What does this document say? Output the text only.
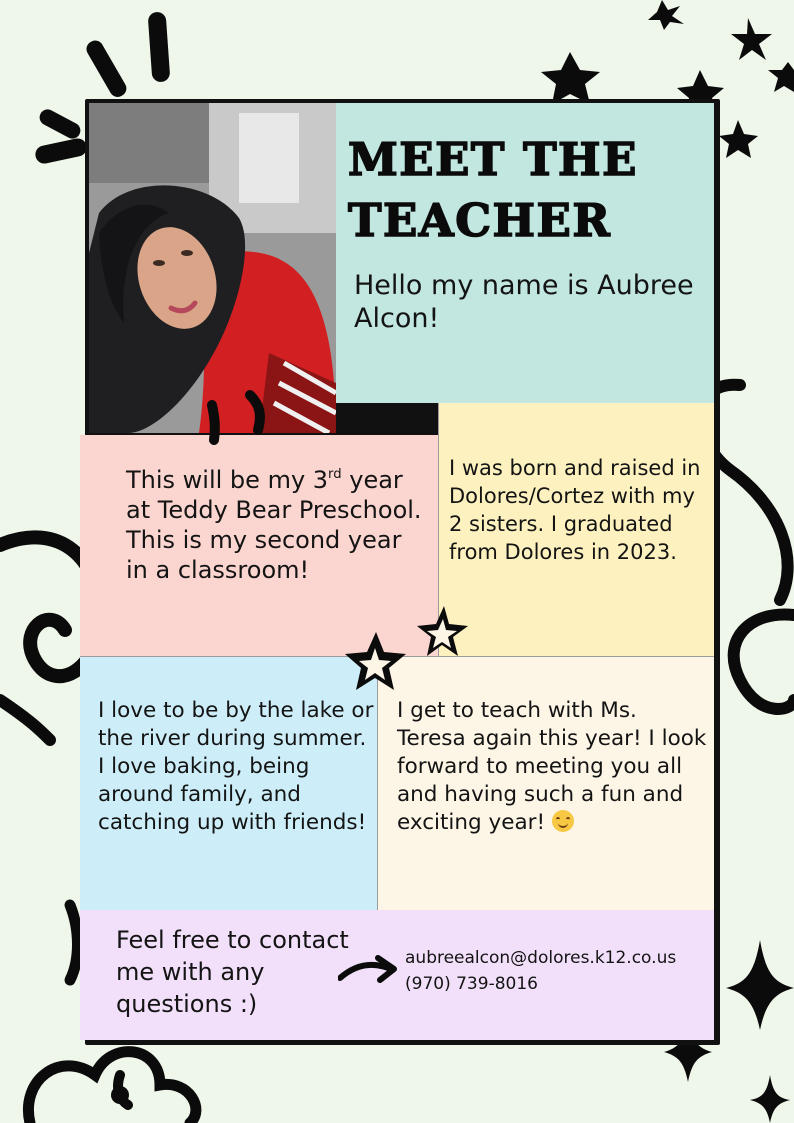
MEET THE
TEACHER
Hello my name is Aubree Alcon!
I was born and raised in Dolores/Cortez with my 2 sisters. I graduated from Dolores in 2023.
This will be my 3rd year at Teddy Bear Preschool. This is my second year in a classroom!
I love to be by the lake or the river during summer. I love baking, being around family, and catching up with friends!
I get to teach with Ms. Teresa again this year! I look forward to meeting you all and having such a fun and exciting year!
Feel free to contact me with any questions :)
aubreealcon@dolores.k12.co.us
(970) 739-8016
